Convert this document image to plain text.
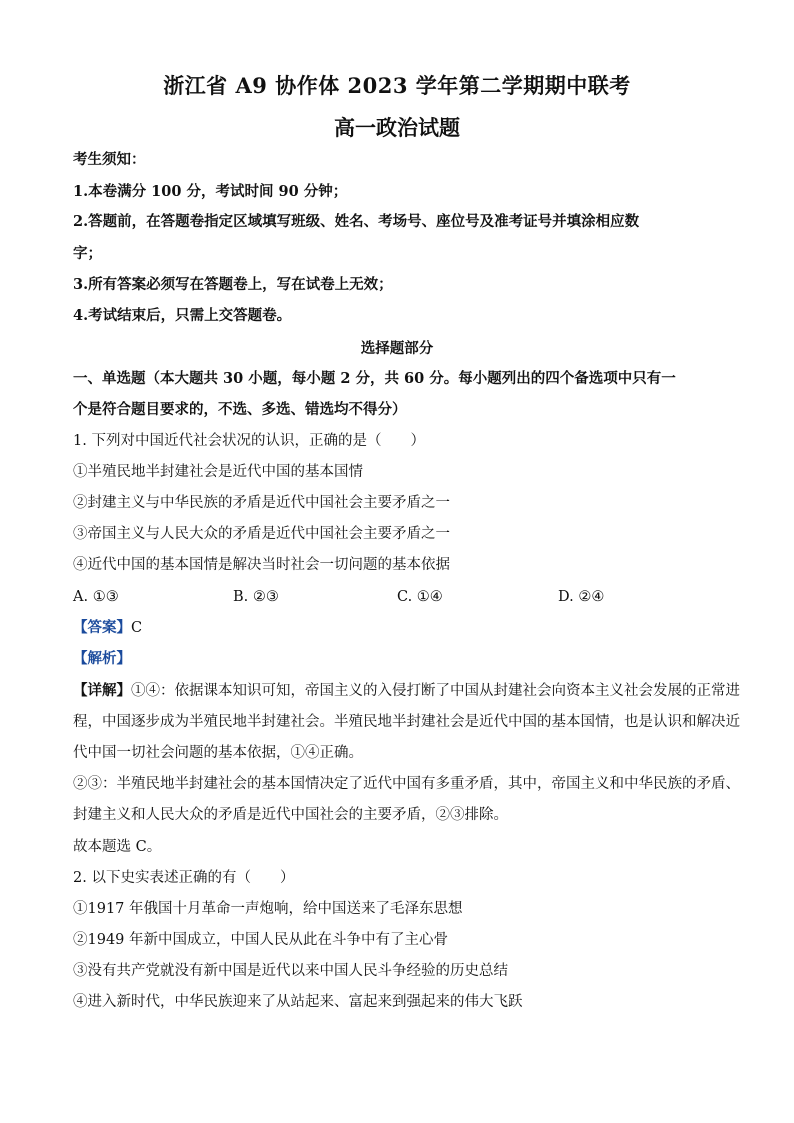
浙江省 A9 协作体 2023 学年第二学期期中联考
高一政治试题
考生须知：
1.本卷满分 100 分，考试时间 90 分钟；
2.答题前，在答题卷指定区域填写班级、姓名、考场号、座位号及准考证号并填涂相应数
字；
3.所有答案必须写在答题卷上，写在试卷上无效；
4.考试结束后，只需上交答题卷。
选择题部分
一、单选题（本大题共 30 小题，每小题 2 分，共 60 分。每小题列出的四个备选项中只有一
个是符合题目要求的，不选、多选、错选均不得分）
1. 下列对中国近代社会状况的认识，正确的是（　　）
①半殖民地半封建社会是近代中国的基本国情
②封建主义与中华民族的矛盾是近代中国社会主要矛盾之一
③帝国主义与人民大众的矛盾是近代中国社会主要矛盾之一
④近代中国的基本国情是解决当时社会一切问题的基本依据
A. ①③	B. ②③	C. ①④	D. ②④
【答案】C
【解析】
【详解】①④：依据课本知识可知，帝国主义的入侵打断了中国从封建社会向资本主义社会发展的正常进
程，中国逐步成为半殖民地半封建社会。半殖民地半封建社会是近代中国的基本国情，也是认识和解决近
代中国一切社会问题的基本依据，①④正确。
②③：半殖民地半封建社会的基本国情决定了近代中国有多重矛盾，其中，帝国主义和中华民族的矛盾、
封建主义和人民大众的矛盾是近代中国社会的主要矛盾，②③排除。
故本题选 C。
2. 以下史实表述正确的有（　　）
①1917 年俄国十月革命一声炮响，给中国送来了毛泽东思想
②1949 年新中国成立，中国人民从此在斗争中有了主心骨
③没有共产党就没有新中国是近代以来中国人民斗争经验的历史总结
④进入新时代，中华民族迎来了从站起来、富起来到强起来的伟大飞跃
